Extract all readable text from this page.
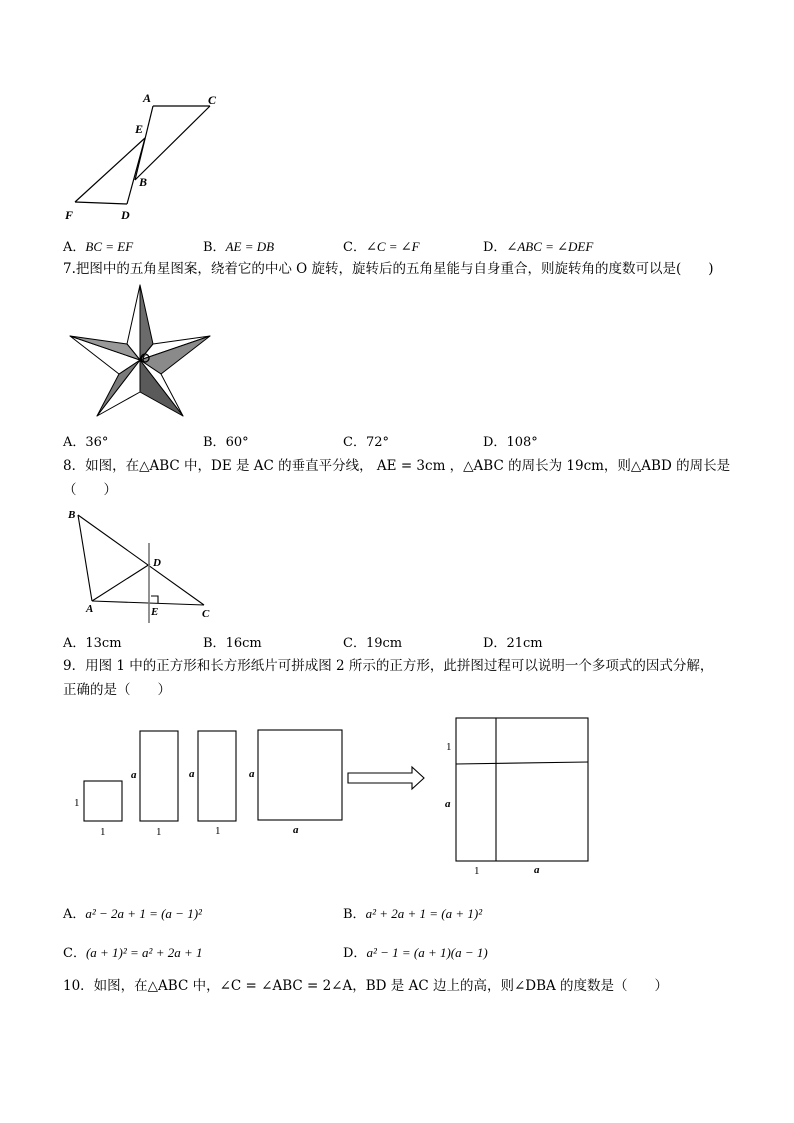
A	C
E
B
F	D
A．BC = EF	B．AE = DB	C．∠C = ∠F	D．∠ABC = ∠DEF
7.把图中的五角星图案，绕着它的中心 O 旋转，旋转后的五角星能与自身重合，则旋转角的度数可以是(　　)
O
A．36°	B．60°	C．72°	D．108°
8．如图，在△ABC 中，DE 是 AC 的垂直平分线， AE = 3cm ，△ABC 的周长为 19cm，则△ABD 的周长是
（　　）
B
D
A	E	C
A．13cm	B．16cm	C．19cm	D．21cm
9．用图 1 中的正方形和长方形纸片可拼成图 2 所示的正方形，此拼图过程可以说明一个多项式的因式分解，
正确的是（　　）
1
1
a
1
a
1
a
a
1
a
1	a
A．a² − 2a + 1 = (a − 1)²	B．a² + 2a + 1 = (a + 1)²
C．(a + 1)² = a² + 2a + 1	D．a² − 1 = (a + 1)(a − 1)
10．如图，在△ABC 中，∠C = ∠ABC = 2∠A，BD 是 AC 边上的高，则∠DBA 的度数是（　　）
